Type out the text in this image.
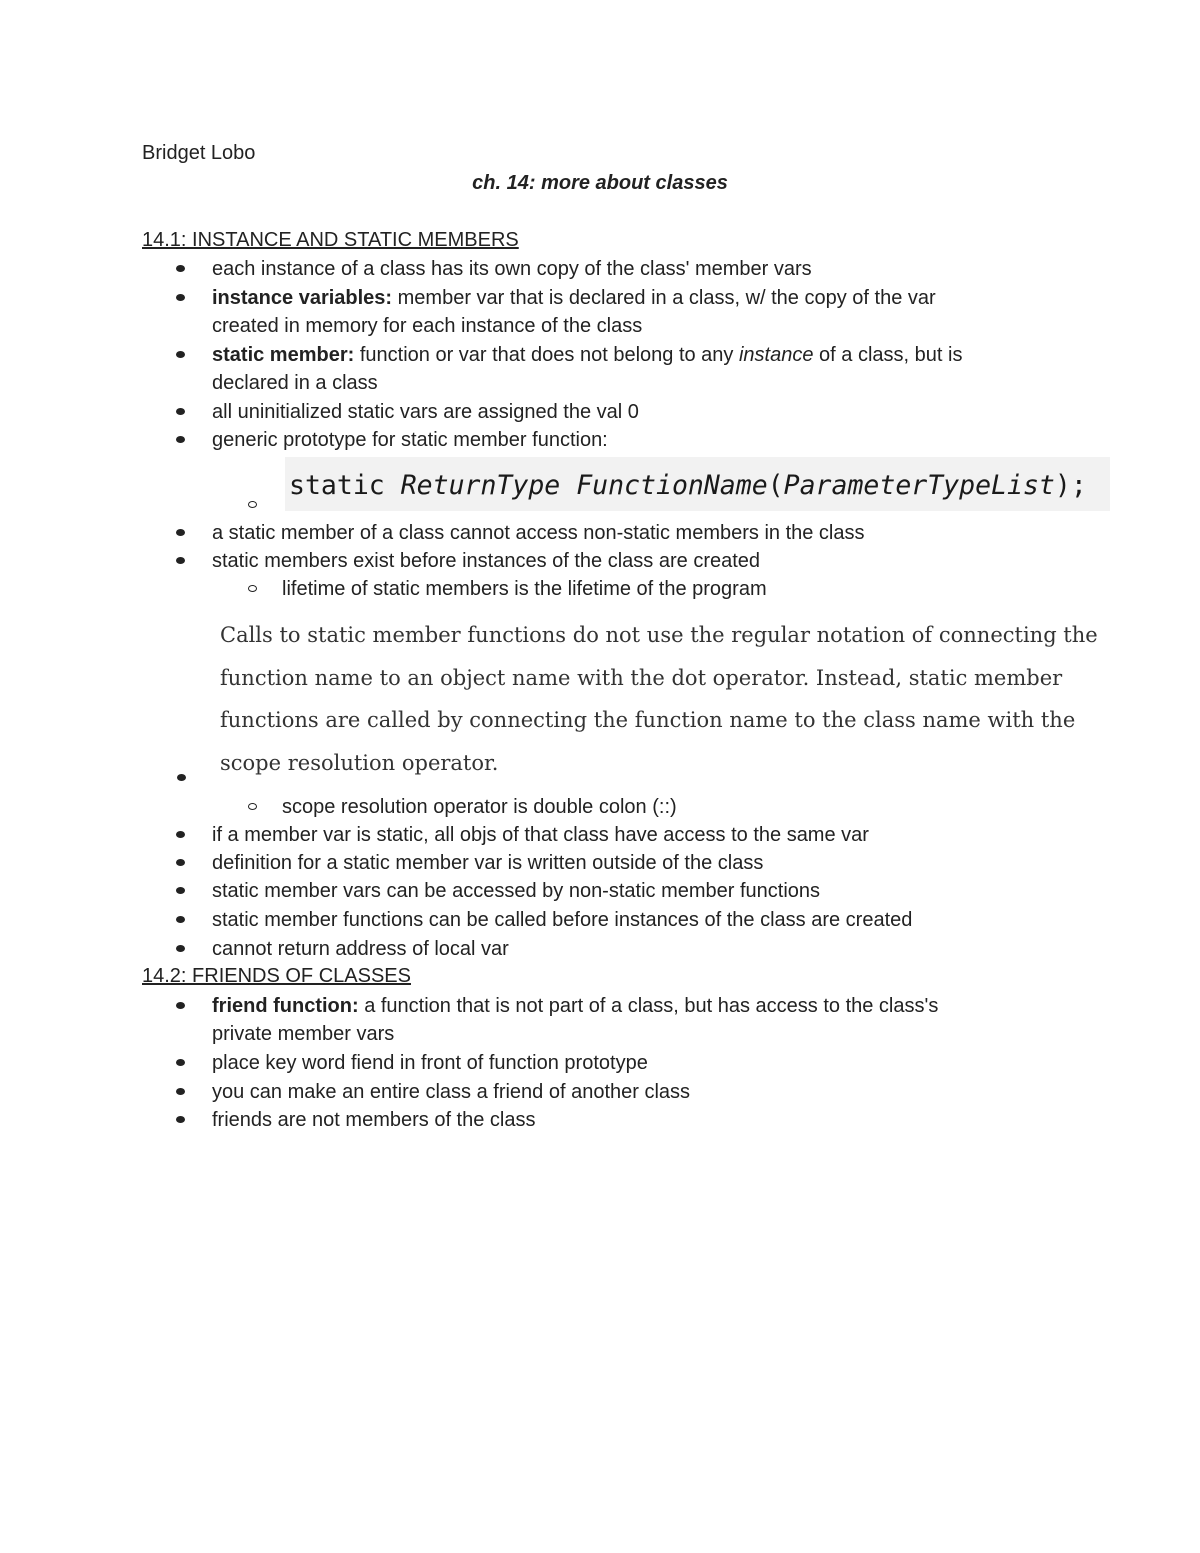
Bridget Lobo
ch. 14: more about classes
14.1: INSTANCE AND STATIC MEMBERS
each instance of a class has its own copy of the class' member vars
instance variables: member var that is declared in a class, w/ the copy of the var
created in memory for each instance of the class
static member: function or var that does not belong to any instance of a class, but is
declared in a class
all uninitialized static vars are assigned the val 0
generic prototype for static member function:
static ReturnType FunctionName(ParameterTypeList);
a static member of a class cannot access non-static members in the class
static members exist before instances of the class are created
lifetime of static members is the lifetime of the program

Calls to static member functions do not use the regular notation of connecting the function name to an object name with the dot operator. Instead, static member functions are called by connecting the function name to the class name with the scope resolution operator.

scope resolution operator is double colon (::)
if a member var is static, all objs of that class have access to the same var
definition for a static member var is written outside of the class
static member vars can be accessed by non-static member functions
static member functions can be called before instances of the class are created
cannot return address of local var
14.2: FRIENDS OF CLASSES
friend function: a function that is not part of a class, but has access to the class's
private member vars
place key word fiend in front of function prototype
you can make an entire class a friend of another class
friends are not members of the class
